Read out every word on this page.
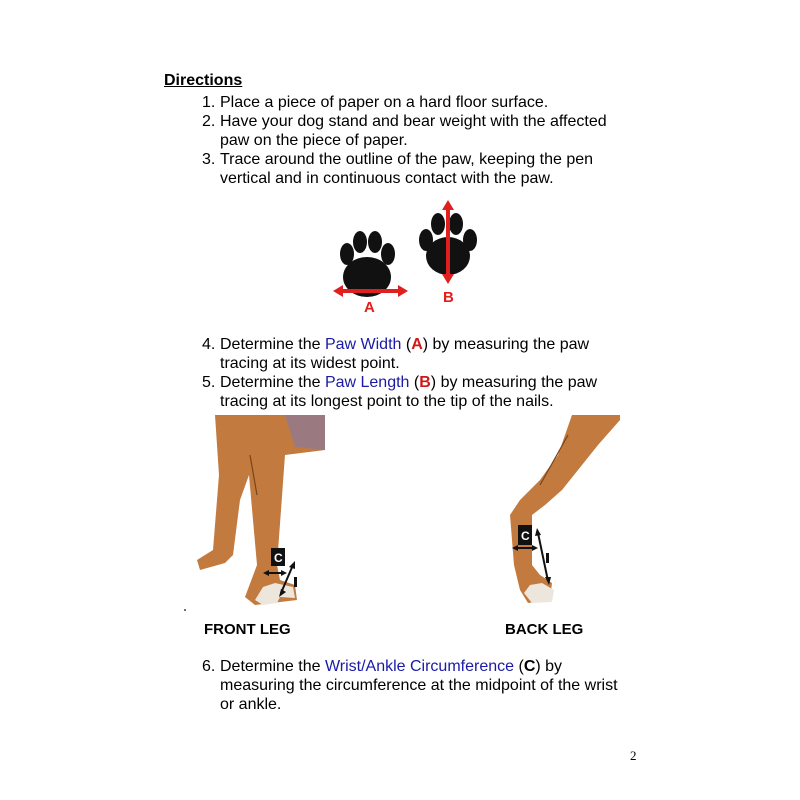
Directions
1. Place a piece of paper on a hard floor surface.
2. Have your dog stand and bear weight with the affected paw on the piece of paper.
3. Trace around the outline of the paw, keeping the pen vertical and in continuous contact with the paw.
A
B
4. Determine the Paw Width (A) by measuring the paw tracing at its widest point.
5. Determine the Paw Length (B) by measuring the paw tracing at its longest point to the tip of the nails.
C
D
C
D
FRONT LEG	BACK LEG
6. Determine the Wrist/Ankle Circumference (C) by measuring the circumference at the midpoint of the wrist or ankle.
2
